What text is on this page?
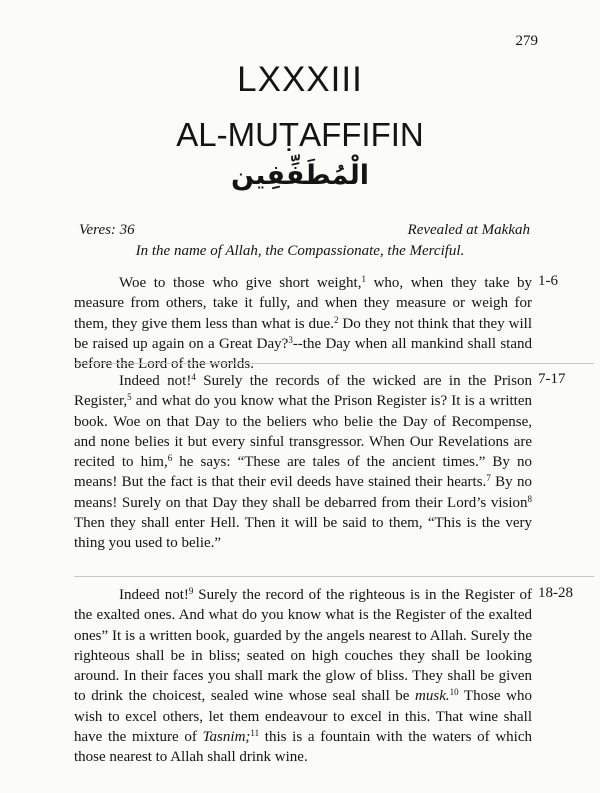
279
LXXXIII
AL-MUṬAFFIFIN
الْمُطَفِّفِين
Veres: 36	Revealed at Makkah
In the name of Allah, the Compassionate, the Merciful.

Woe to those who give short weight,$^1$ who, when they take by measure from others, take it fully, and when they measure or weigh for them, they give them less than what is due.$^2$ Do they not think that they will be raised up again on a Great Day?$^3$--the Day when all mankind shall stand before the Lord of the worlds.

1-6

Indeed not!$^4$ Surely the records of the wicked are in the Prison Register,$^5$ and what do you know what the Prison Register is? It is a written book. Woe on that Day to the beliers who belie the Day of Recompense, and none belies it but every sinful transgressor. When Our Revelations are recited to him,$^6$ he says: “These are tales of the ancient times.” By no means! But the fact is that their evil deeds have stained their hearts.$^7$ By no means! Surely on that Day they shall be debarred from their Lord’s vision$^8$ Then they shall enter Hell. Then it will be said to them, “This is the very thing you used to belie.”

7-17

Indeed not!$^9$ Surely the record of the righteous is in the Register of the exalted ones. And what do you know what is the Register of the exalted ones” It is a written book, guarded by the angels nearest to Allah. Surely the righteous shall be in bliss; seated on high couches they shall be looking around. In their faces you shall mark the glow of bliss. They shall be given to drink the choicest, sealed wine whose seal shall be musk.$^{10}$ Those who wish to excel others, let them endeavour to excel in this. That wine shall have the mixture of Tasnim;$^{11}$ this is a fountain with the waters of which those nearest to Allah shall drink wine.

18-28
